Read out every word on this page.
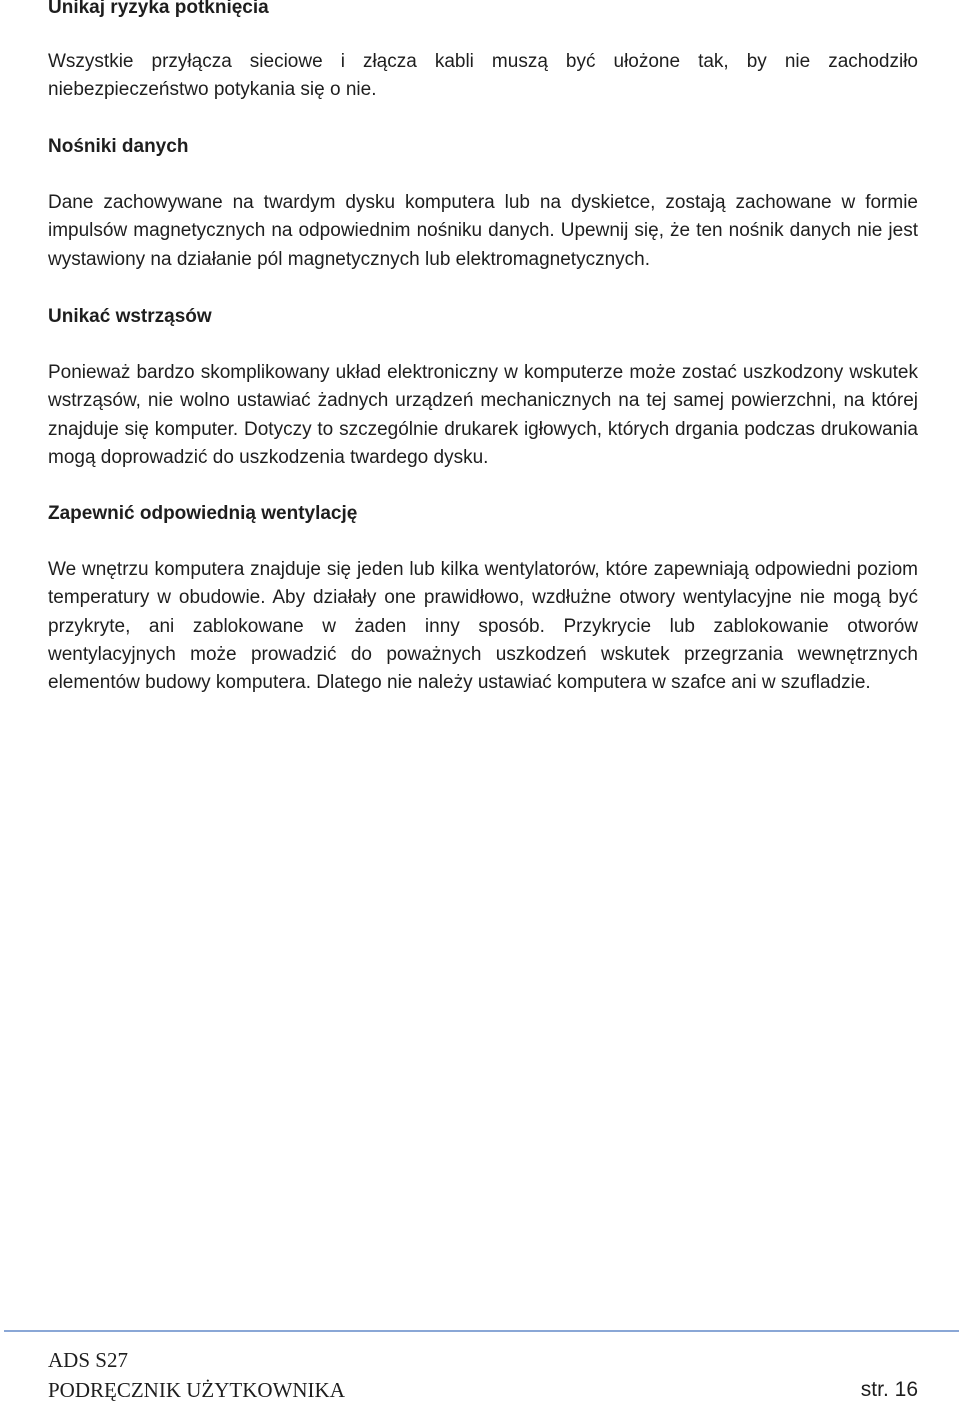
Unikaj ryzyka potknięcia

Wszystkie przyłącza sieciowe i złącza kabli muszą być ułożone tak, by nie zachodziło niebezpieczeństwo potykania się o nie.

Nośniki danych

Dane zachowywane na twardym dysku komputera lub na dyskietce, zostają zachowane w formie impulsów magnetycznych na odpowiednim nośniku danych. Upewnij się, że ten nośnik danych nie jest wystawiony na działanie pól magnetycznych lub elektromagnetycznych.

Unikać wstrząsów

Ponieważ bardzo skomplikowany układ elektroniczny w komputerze może zostać uszkodzony wskutek wstrząsów, nie wolno ustawiać żadnych urządzeń mechanicznych na tej samej powierzchni, na której znajduje się komputer. Dotyczy to szczególnie drukarek igłowych, których drgania podczas drukowania mogą doprowadzić do uszkodzenia twardego dysku.

Zapewnić odpowiednią wentylację

We wnętrzu komputera znajduje się jeden lub kilka wentylatorów, które zapewniają odpowiedni poziom temperatury w obudowie. Aby działały one prawidłowo, wzdłużne otwory wentylacyjne nie mogą być przykryte, ani zablokowane w żaden inny sposób. Przykrycie lub zablokowanie otworów wentylacyjnych może prowadzić do poważnych uszkodzeń wskutek przegrzania wewnętrznych elementów budowy komputera. Dlatego nie należy ustawiać komputera w szafce ani w szufladzie.

ADS S27
PODRĘCZNIK UŻYTKOWNIKA	str. 16
